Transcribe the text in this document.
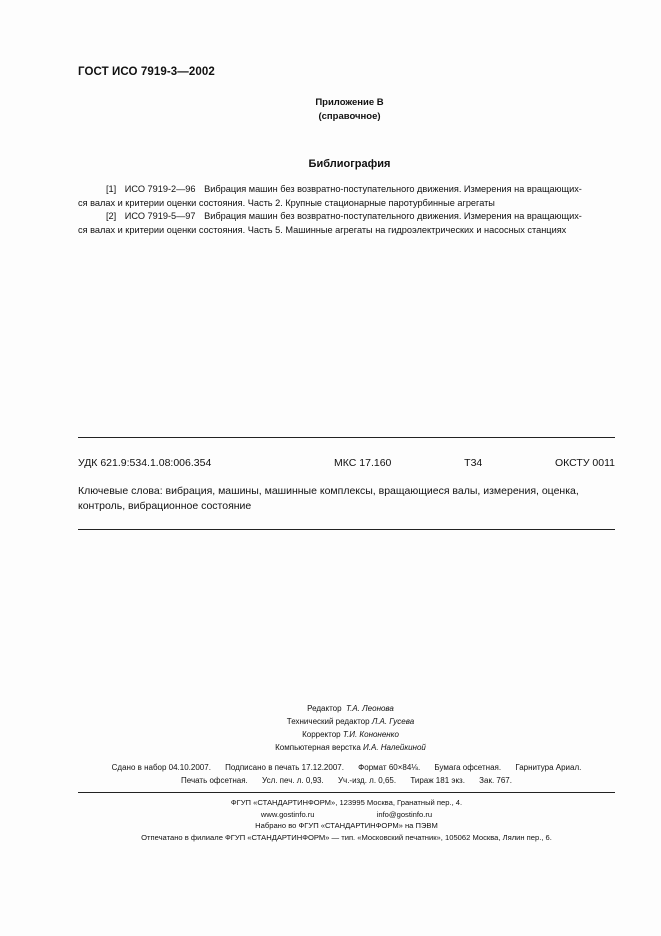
ГОСТ ИСО 7919-3—2002
Приложение В
(справочное)
Библиография
[1] ИСО 7919-2—96 Вибрация машин без возвратно-поступательного движения. Измерения на вращающих-
ся валах и критерии оценки состояния. Часть 2. Крупные стационарные паротурбинные агрегаты
[2] ИСО 7919-5—97 Вибрация машин без возвратно-поступательного движения. Измерения на вращающих-
ся валах и критерии оценки состояния. Часть 5. Машинные агрегаты на гидроэлектрических и насосных станциях
УДК 621.9:534.1.08:006.354	МКС 17.160	Т34	ОКСТУ 0011
Ключевые слова: вибрация, машины, машинные комплексы, вращающиеся валы, измерения, оценка, контроль, вибрационное состояние
Редактор Т.А. Леонова
Технический редактор Л.А. Гусева
Корректор Т.И. Кононенко
Компьютерная верстка И.А. Налейкиной
Сдано в набор 04.10.2007. Подписано в печать 17.12.2007. Формат 60×84⅛. Бумага офсетная. Гарнитура Ариал.
Печать офсетная. Усл. печ. л. 0,93. Уч.-изд. л. 0,65. Тираж 181 экз. Зак. 767.
ФГУП «СТАНДАРТИНФОРМ», 123995 Москва, Гранатный пер., 4.
www.gostinfo.ru	info@gostinfo.ru
Набрано во ФГУП «СТАНДАРТИНФОРМ» на ПЭВМ
Отпечатано в филиале ФГУП «СТАНДАРТИНФОРМ» — тип. «Московский печатник», 105062 Москва, Лялин пер., 6.
